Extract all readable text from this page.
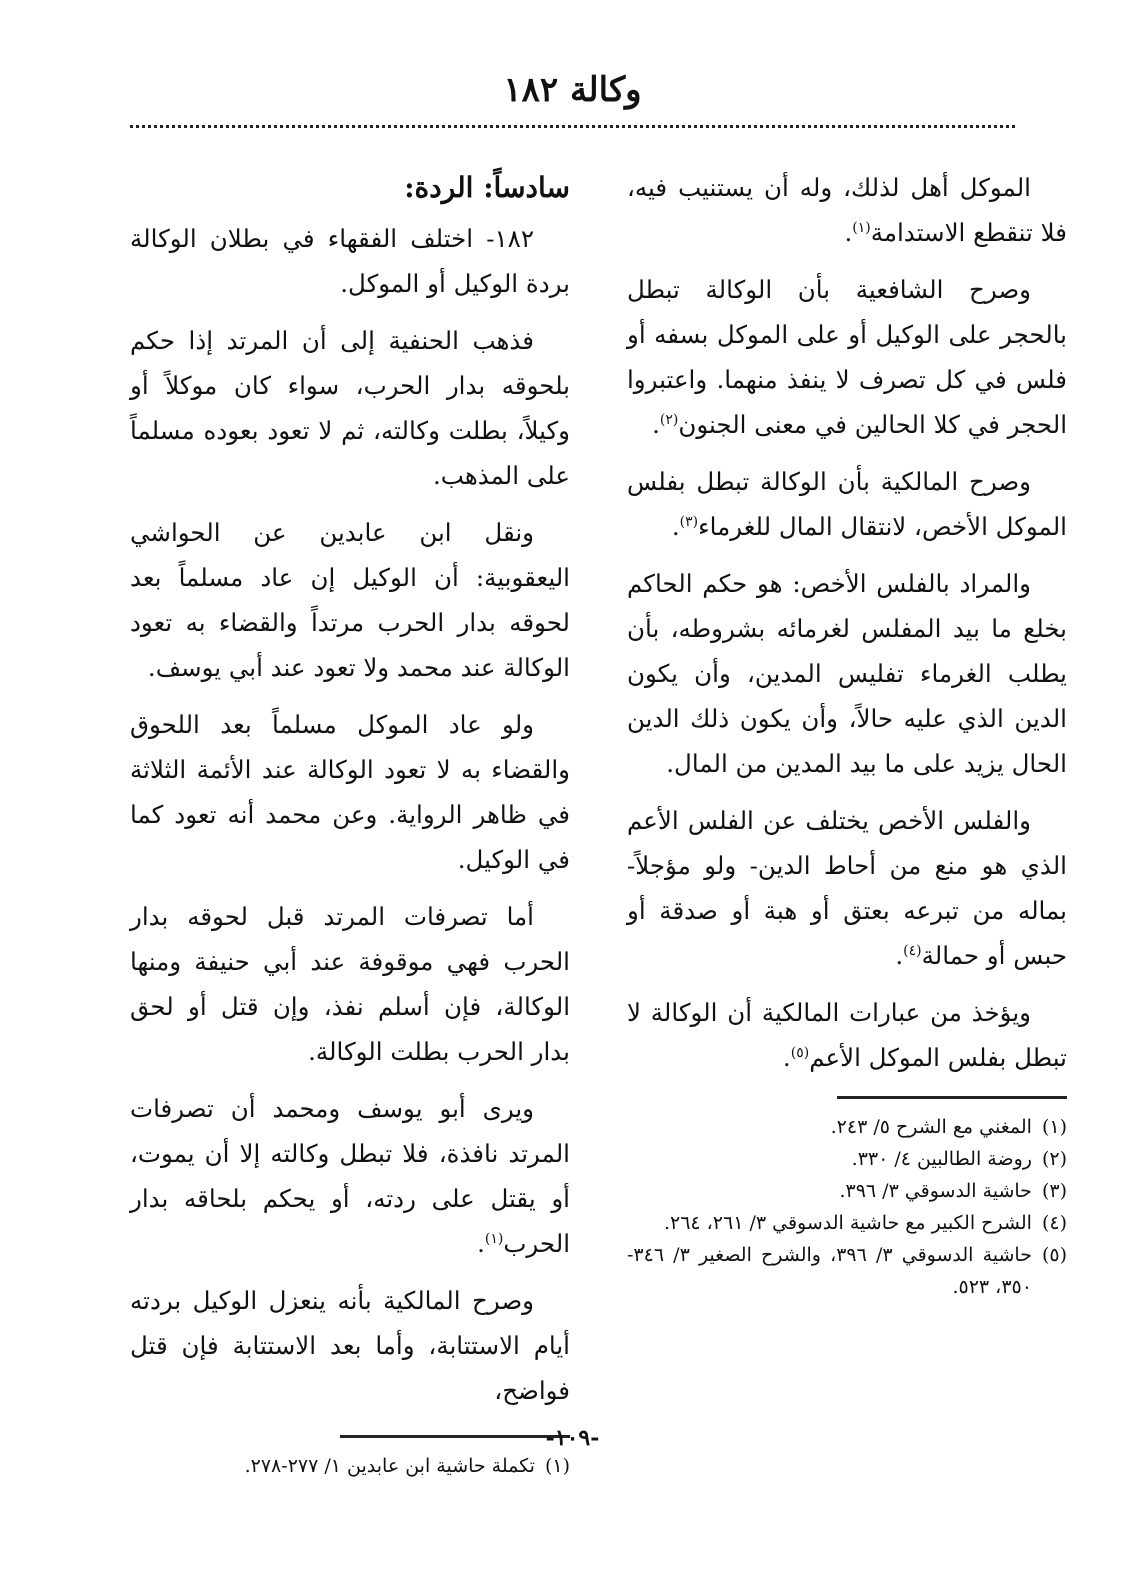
وكالة ١٨٢

الموكل أهل لذلك، وله أن يستنيب فيه، فلا تنقطع الاستدامة$^{(١)}$.

وصرح الشافعية بأن الوكالة تبطل بالحجر على الوكيل أو على الموكل بسفه أو فلس في كل تصرف لا ينفذ منهما. واعتبروا الحجر في كلا الحالين في معنى الجنون$^{(٢)}$.

وصرح المالكية بأن الوكالة تبطل بفلس الموكل الأخص، لانتقال المال للغرماء$^{(٣)}$.

والمراد بالفلس الأخص: هو حكم الحاكم بخلع ما بيد المفلس لغرمائه بشروطه، بأن يطلب الغرماء تفليس المدين، وأن يكون الدين الذي عليه حالاً، وأن يكون ذلك الدين الحال يزيد على ما بيد المدين من المال.

والفلس الأخص يختلف عن الفلس الأعم الذي هو منع من أحاط الدين- ولو مؤجلاً- بماله من تبرعه بعتق أو هبة أو صدقة أو حبس أو حمالة$^{(٤)}$.

ويؤخذ من عبارات المالكية أن الوكالة لا تبطل بفلس الموكل الأعم$^{(٥)}$.

(١)
المغني مع الشرح ٥/ ٢٤٣.
(٢)
روضة الطالبين ٤/ ٣٣٠.
(٣)
حاشية الدسوقي ٣/ ٣٩٦.
(٤)
الشرح الكبير مع حاشية الدسوقي ٣/ ٢٦١، ٢٦٤.
(٥)
حاشية الدسوقي ٣/ ٣٩٦، والشرح الصغير ٣/ ٣٤٦- ٣٥٠، ٥٢٣.

سادساً: الردة:

١٨٢- اختلف الفقهاء في بطلان الوكالة بردة الوكيل أو الموكل.

فذهب الحنفية إلى أن المرتد إذا حكم بلحوقه بدار الحرب، سواء كان موكلاً أو وكيلاً، بطلت وكالته، ثم لا تعود بعوده مسلماً على المذهب.

ونقل ابن عابدين عن الحواشي اليعقوبية: أن الوكيل إن عاد مسلماً بعد لحوقه بدار الحرب مرتداً والقضاء به تعود الوكالة عند محمد ولا تعود عند أبي يوسف.

ولو عاد الموكل مسلماً بعد اللحوق والقضاء به لا تعود الوكالة عند الأئمة الثلاثة في ظاهر الرواية. وعن محمد أنه تعود كما في الوكيل.

أما تصرفات المرتد قبل لحوقه بدار الحرب فهي موقوفة عند أبي حنيفة ومنها الوكالة، فإن أسلم نفذ، وإن قتل أو لحق بدار الحرب بطلت الوكالة.

ويرى أبو يوسف ومحمد أن تصرفات المرتد نافذة، فلا تبطل وكالته إلا أن يموت، أو يقتل على ردته، أو يحكم بلحاقه بدار الحرب$^{(١)}$.

وصرح المالكية بأنه ينعزل الوكيل بردته أيام الاستتابة، وأما بعد الاستتابة فإن قتل فواضح،

(١)
تكملة حاشية ابن عابدين ١/ ٢٧٧-٢٧٨.
-١٠٩-
